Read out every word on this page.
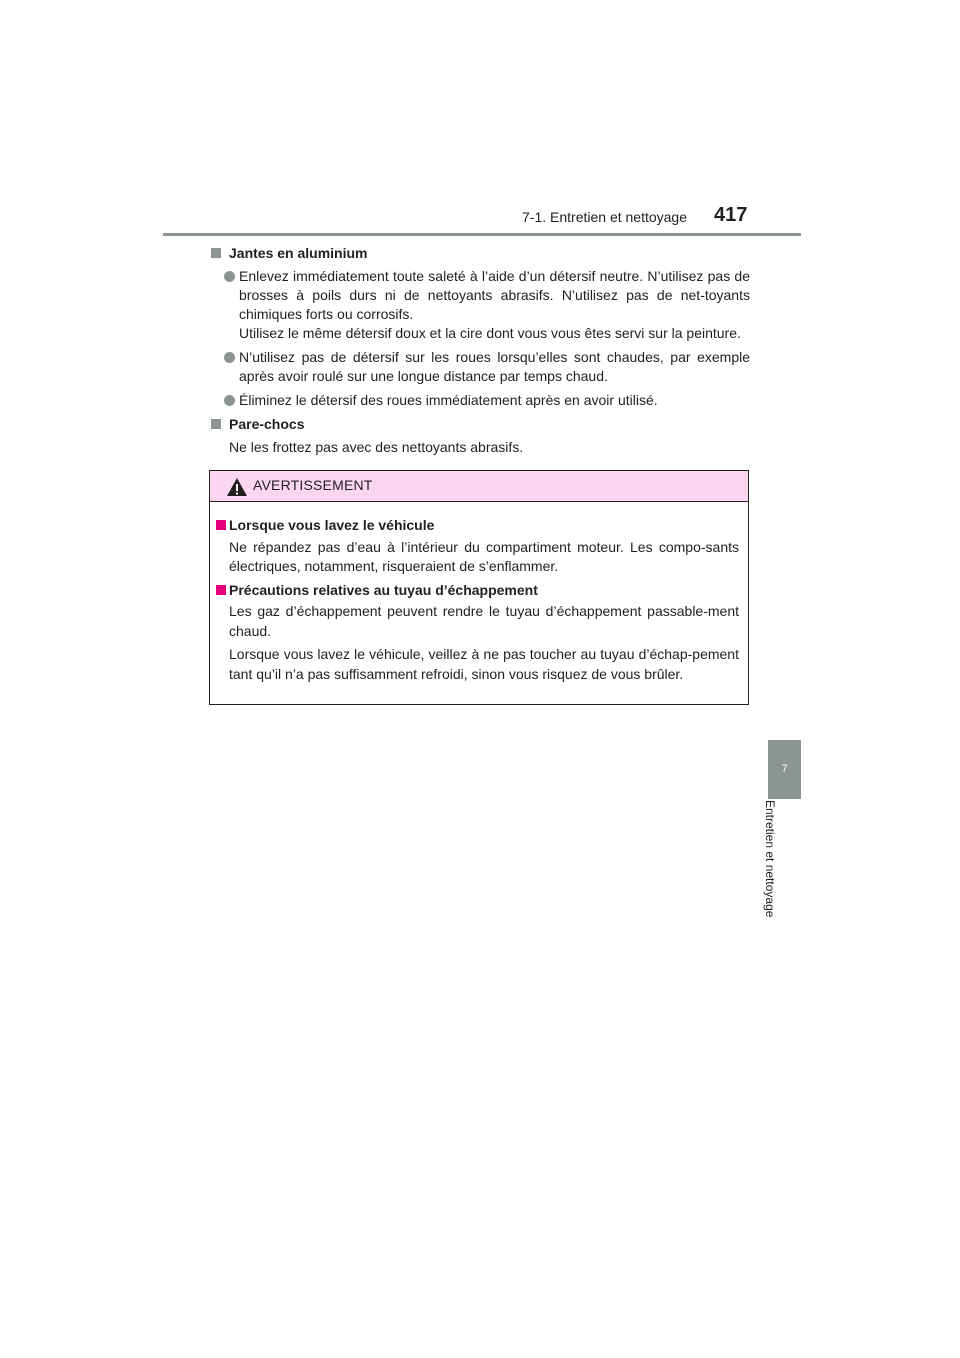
7-1. Entretien et nettoyage 417
7
Entretien et nettoyage
Jantes en aluminium
Enlevez immédiatement toute saleté à l’aide d’un détersif neutre. N’utilisez pas de brosses à poils durs ni de nettoyants abrasifs. N’utilisez pas de net-toyants chimiques forts ou corrosifs.
Utilisez le même détersif doux et la cire dont vous vous êtes servi sur la peinture.
N’utilisez pas de détersif sur les roues lorsqu’elles sont chaudes, par exemple après avoir roulé sur une longue distance par temps chaud.
Éliminez le détersif des roues immédiatement après en avoir utilisé.
Pare-chocs
Ne les frottez pas avec des nettoyants abrasifs.
AVERTISSEMENT
Lorsque vous lavez le véhicule
Ne répandez pas d’eau à l’intérieur du compartiment moteur. Les compo-sants électriques, notamment, risqueraient de s’enflammer.
Précautions relatives au tuyau d’échappement
Les gaz d’échappement peuvent rendre le tuyau d’échappement passable-ment chaud.
Lorsque vous lavez le véhicule, veillez à ne pas toucher au tuyau d’échap-pement tant qu’il n’a pas suffisamment refroidi, sinon vous risquez de vous brûler.
